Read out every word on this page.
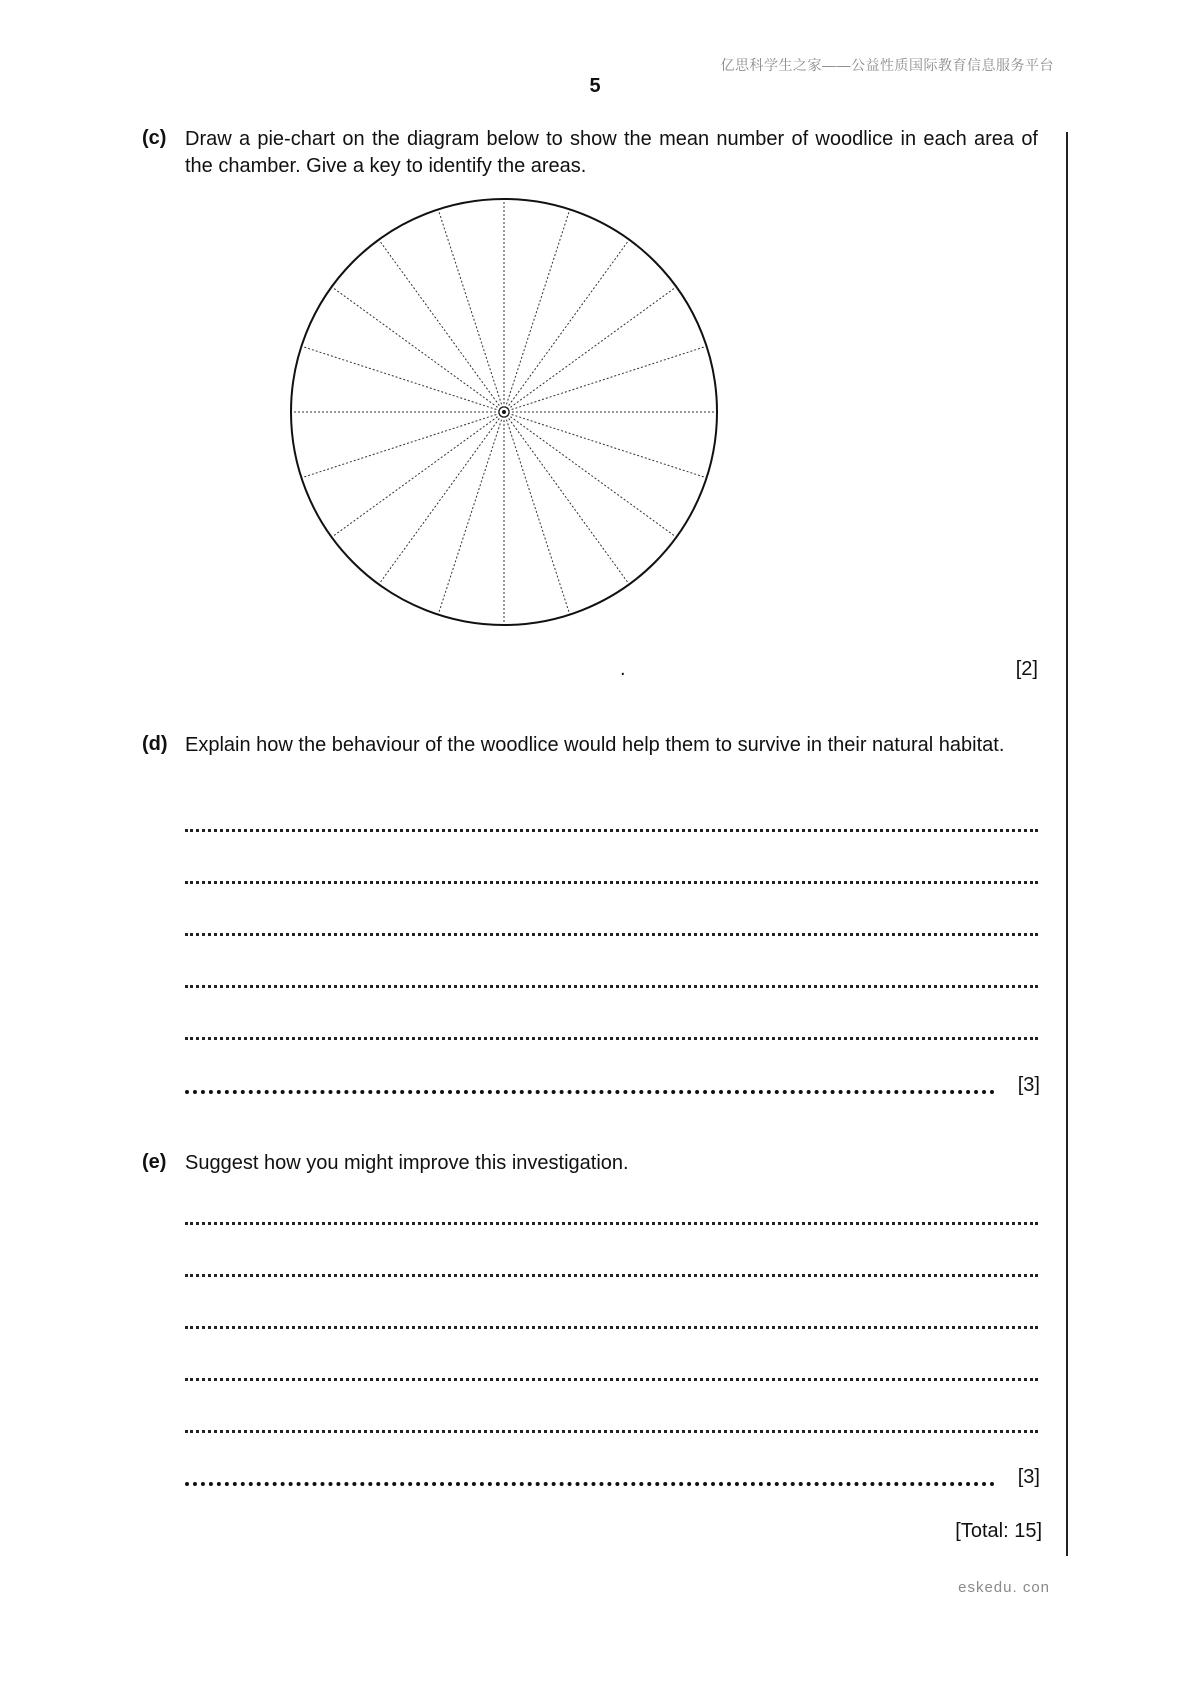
亿思科学生之家——公益性质国际教育信息服务平台
5
(c) Draw a pie-chart on the diagram below to show the mean number of woodlice in each area of the chamber. Give a key to identify the areas.
.	[2]
(d) Explain how the behaviour of the woodlice would help them to survive in their natural habitat.
[3]
(e) Suggest how you might improve this investigation.
[3]
[Total: 15]
eskedu. con
